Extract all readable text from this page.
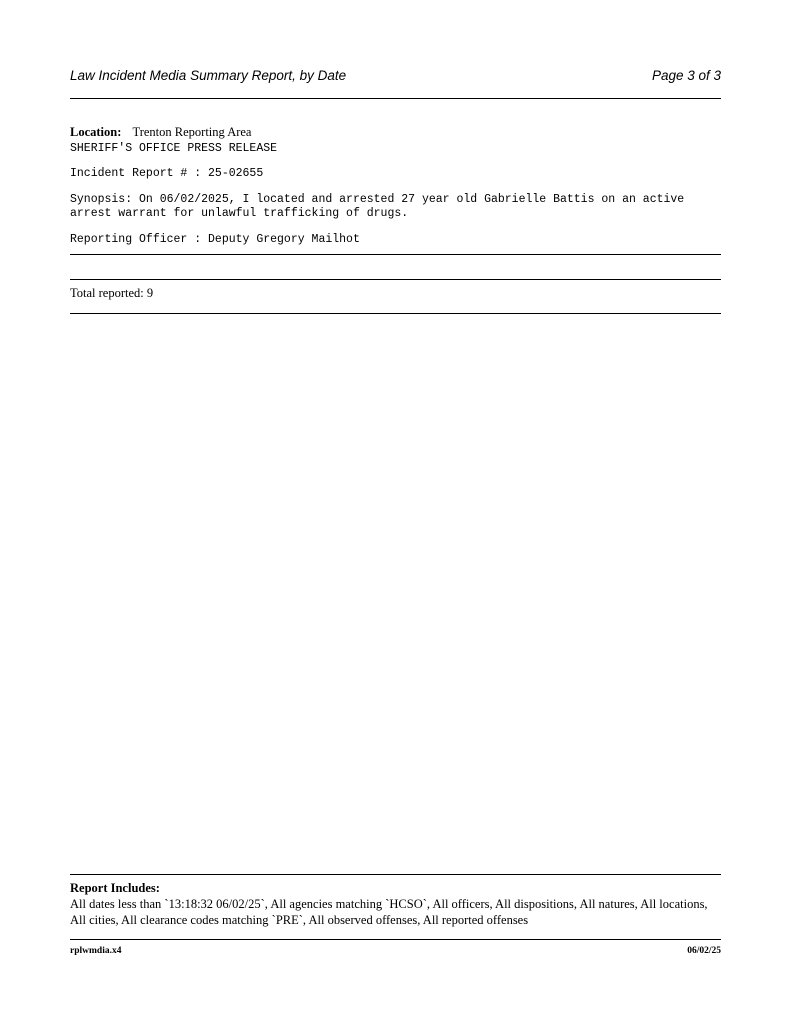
Law Incident Media Summary Report, by Date	Page 3 of 3
Location: Trenton Reporting Area
SHERIFF'S OFFICE PRESS RELEASE
Incident Report # : 25-02655
Synopsis: On 06/02/2025, I located and arrested 27 year old Gabrielle Battis on an active arrest warrant for unlawful trafficking of drugs.
Reporting Officer : Deputy Gregory Mailhot
Total reported: 9
Report Includes:
All dates less than `13:18:32 06/02/25`, All agencies matching `HCSO`, All officers, All dispositions, All natures, All locations, All cities, All clearance codes matching `PRE`, All observed offenses, All reported offenses
rplwmdia.x4	06/02/25
